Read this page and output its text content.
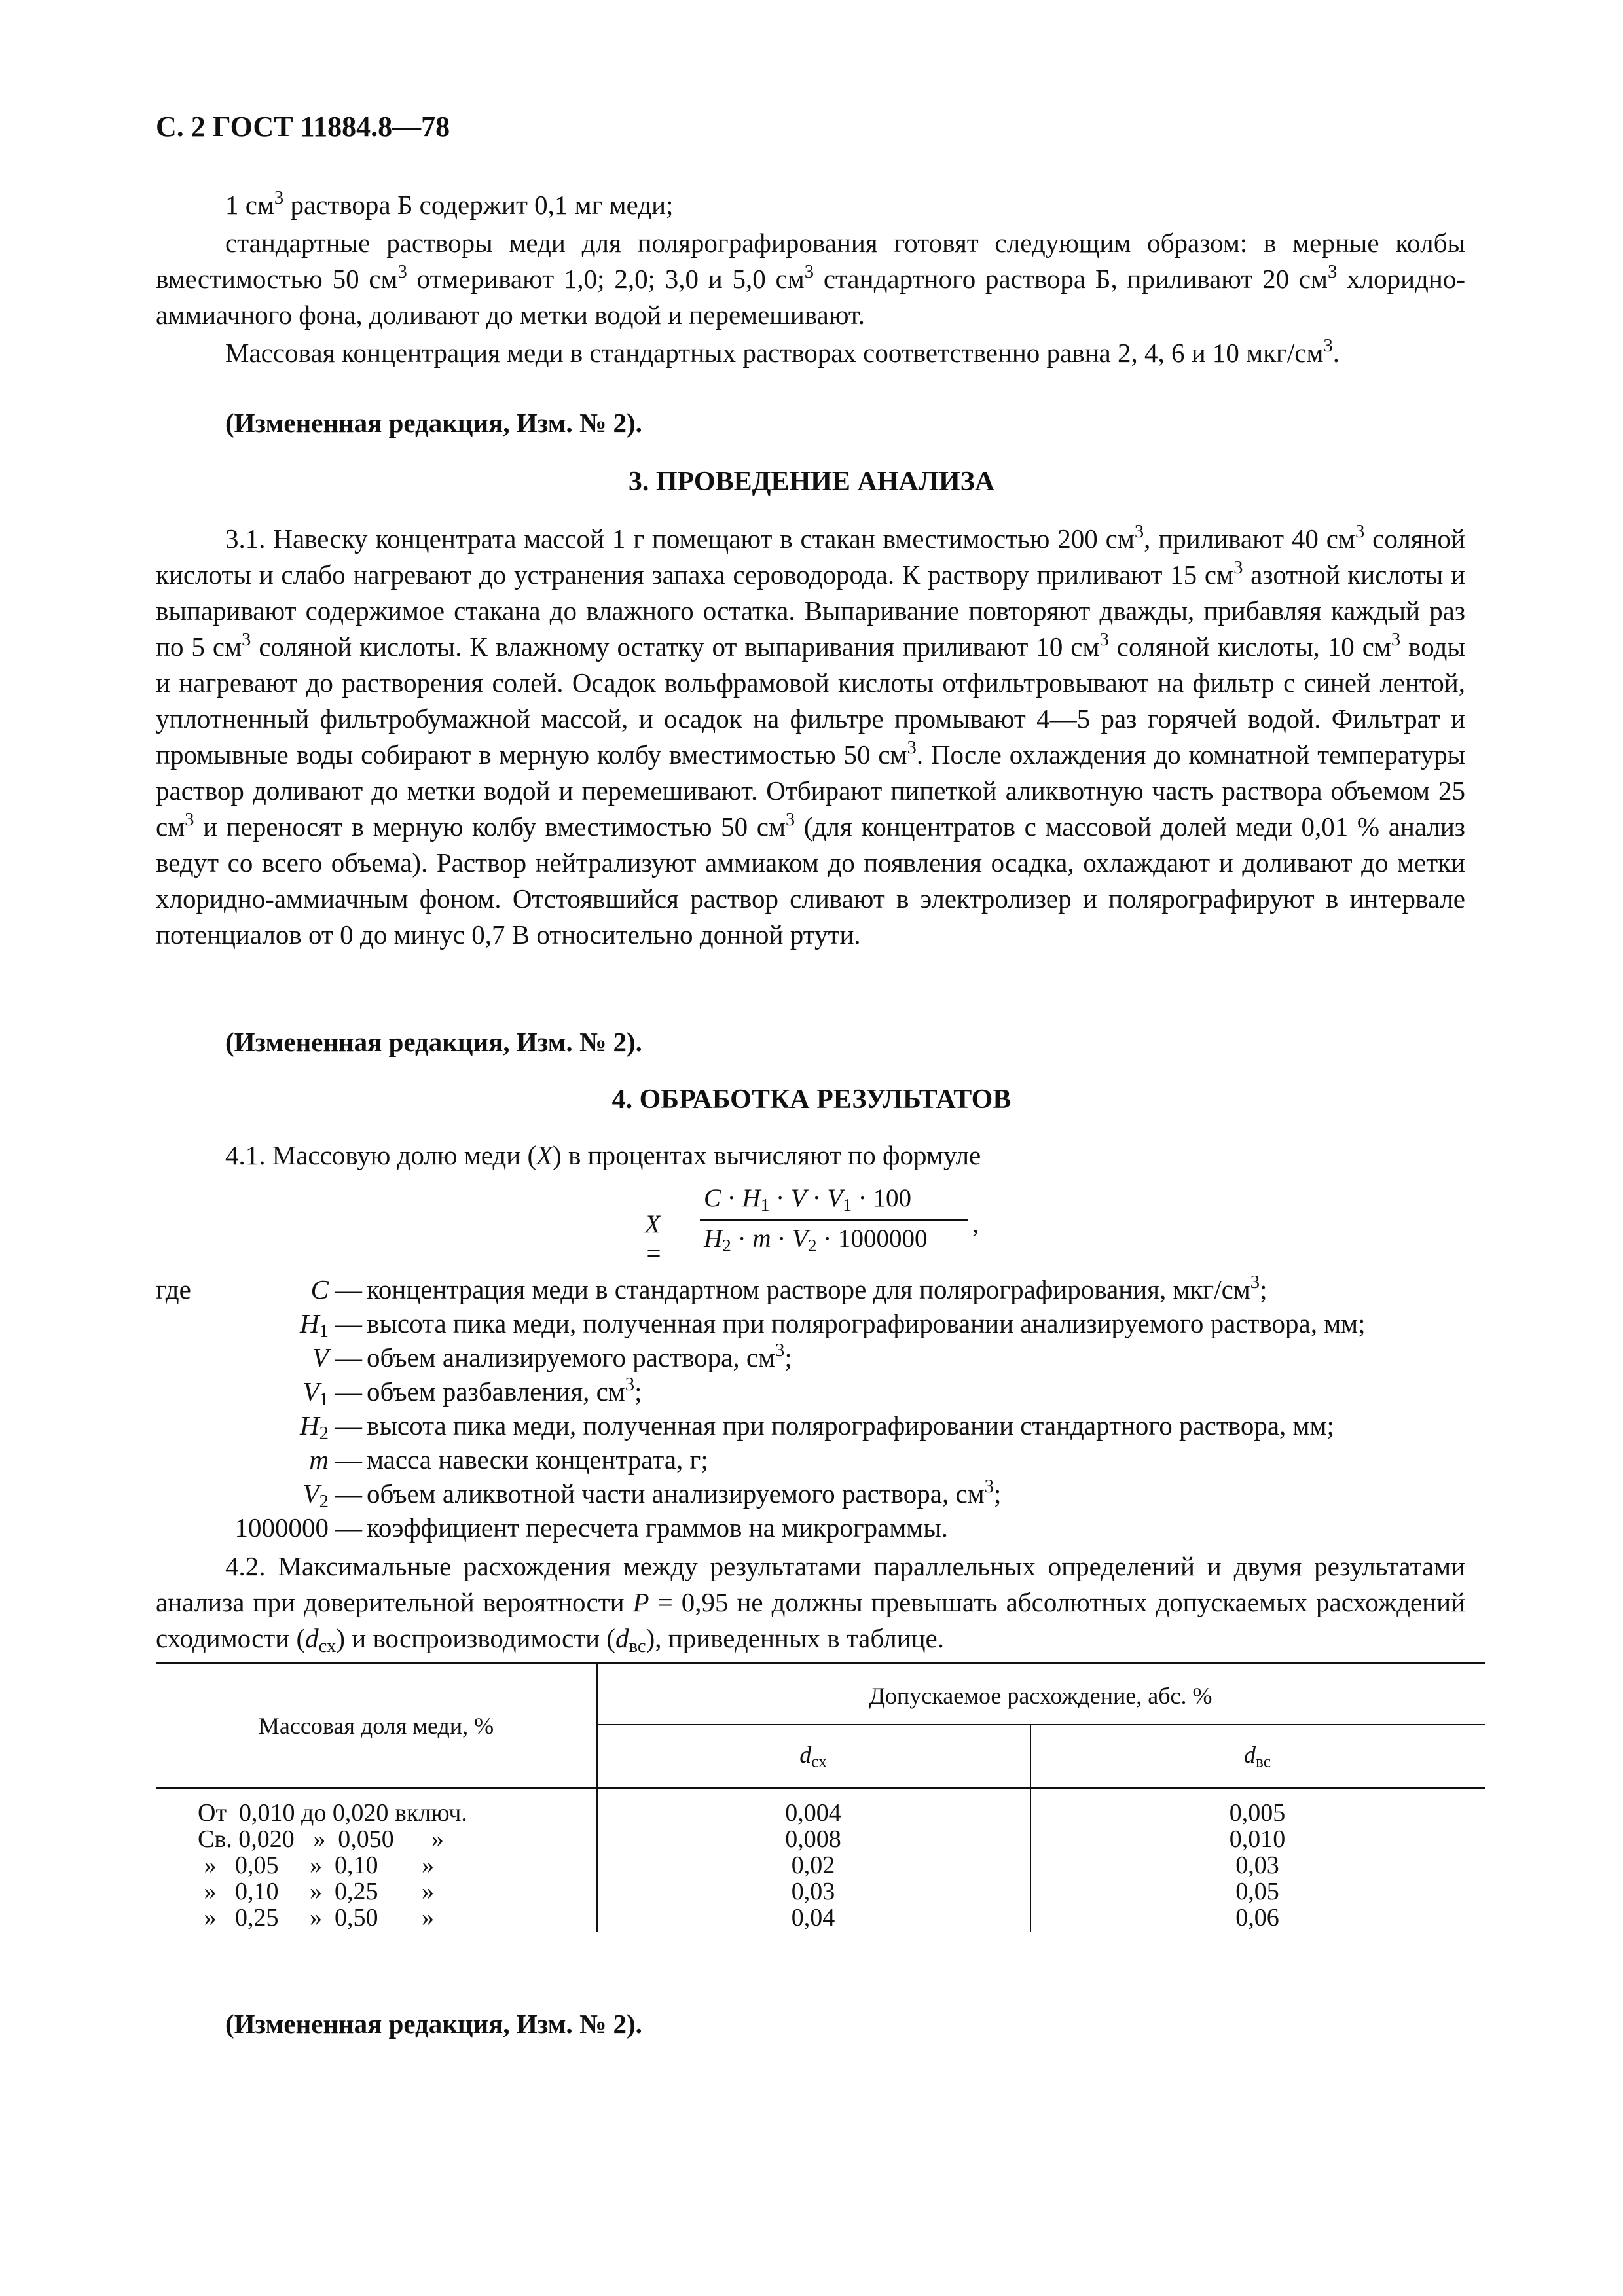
С. 2 ГОСТ 11884.8—78
1 $см^3$ раствора Б содержит 0,1 мг меди;
стандартные растворы меди для полярографирования готовят следующим образом: в мерные колбы вместимостью 50 $см^3$ отмеривают 1,0; 2,0; 3,0 и 5,0 $см^3$ стандартного раствора Б, приливают 20 $см^3$ хлоридно-аммиачного фона, доливают до метки водой и перемешивают.
Массовая концентрация меди в стандартных растворах соответственно равна 2, 4, 6 и 10 мкг/$см^3$.
(Измененная редакция, Изм. № 2).
3. ПРОВЕДЕНИЕ АНАЛИЗА
3.1. Навеску концентрата массой 1 г помещают в стакан вместимостью 200 $см^3$, приливают 40 $см^3$ соляной кислоты и слабо нагревают до устранения запаха сероводорода. К раствору приливают 15 $см^3$ азотной кислоты и выпаривают содержимое стакана до влажного остатка. Выпаривание повторяют дважды, прибавляя каждый раз по 5 $см^3$ соляной кислоты. К влажному остатку от выпаривания приливают 10 $см^3$ соляной кислоты, 10 $см^3$ воды и нагревают до растворения солей. Осадок вольфрамовой кислоты отфильтровывают на фильтр с синей лентой, уплотненный фильтробумажной массой, и осадок на фильтре промывают 4—5 раз горячей водой. Фильтрат и промывные воды собирают в мерную колбу вместимостью 50 $см^3$. После охлаждения до комнатной температуры раствор доливают до метки водой и перемешивают. Отбирают пипеткой аликвотную часть раствора объемом 25 $см^3$ и переносят в мерную колбу вместимостью 50 $см^3$ (для концентратов с массовой долей меди 0,01 % анализ ведут со всего объема). Раствор нейтрализуют аммиаком до появления осадка, охлаждают и доливают до метки хлоридно-аммиачным фоном. Отстоявшийся раствор сливают в электролизер и полярографируют в интервале потенциалов от 0 до минус 0,7 В относительно донной ртути.
(Измененная редакция, Изм. № 2).
4. ОБРАБОТКА РЕЗУЛЬТАТОВ
4.1. Массовую долю меди (X) в процентах вычисляют по формуле
X =
$C \cdot H_1 \cdot V \cdot V_1 \cdot 100$
$H_2 \cdot m \cdot V_2 \cdot 1000000$
,
где	C — концентрация меди в стандартном растворе для полярографирования, мкг/$см^3$;
$H_1$ — высота пика меди, полученная при полярографировании анализируемого раствора, мм;
V — объем анализируемого раствора, $см^3$;
$V_1$ — объем разбавления, $см^3$;
$H_2$ — высота пика меди, полученная при полярографировании стандартного раствора, мм;
m — масса навески концентрата, г;
$V_2$ — объем аликвотной части анализируемого раствора, $см^3$;
1000000 — коэффициент пересчета граммов на микрограммы.
4.2. Максимальные расхождения между результатами параллельных определений и двумя результатами анализа при доверительной вероятности P = 0,95 не должны превышать абсолютных допускаемых расхождений сходимости $(d_{сх})$ и воспроизводимости $(d_{вс})$, приведенных в таблице.
Массовая доля меди, %
Допускаемое расхождение, абс. %
$d_{сх}$	$d_{вс}$
От  0,010 до 0,020 включ.	0,004	0,005
Св. 0,020   »  0,050      »	0,008	0,010
»   0,05     »  0,10       »	0,02	0,03
»   0,10     »  0,25       »	0,03	0,05
»   0,25     »  0,50       »	0,04	0,06
(Измененная редакция, Изм. № 2).
